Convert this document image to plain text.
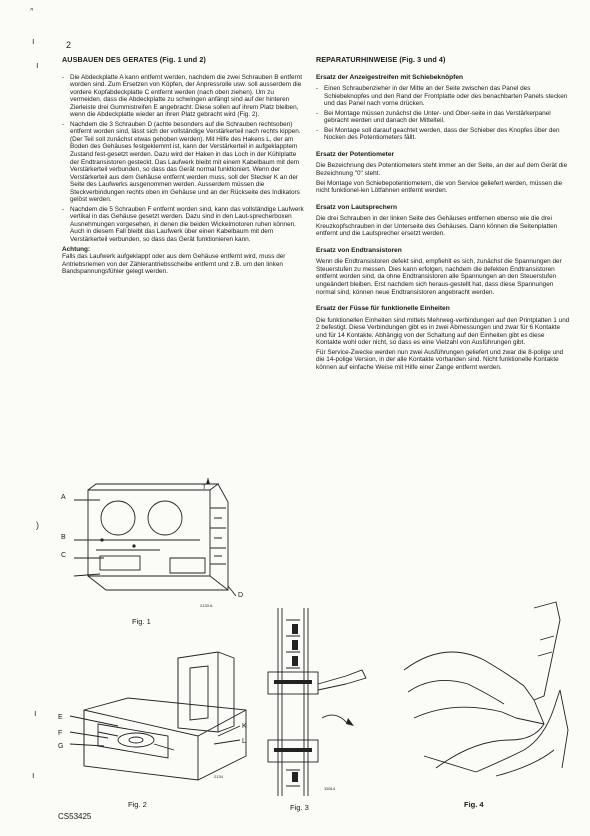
2
AUSBAUEN DES GERATES (Fig. 1 und 2)
- Die Abdeckplatte A kann entfernt werden, nachdem die zwei Schrauben B entfernt worden sind. Zum Ersetzen von Köpfen, der Anpressrolle usw. soll ausserdem die vordere Kopfabdeckplatte C entfernt werden (nach oben ziehen). Um zu vermeiden, dass die Abdeckplatte zu schwingen anfängt sind auf der hinteren Zierleiste drei Gummistreifen E angebracht. Diese sollen auf ihrem Platz bleiben, wenn die Abdeckplatte wieder an ihren Platz gebracht wird (Fig. 2).
- Nachdem die 3 Schrauben D (achte besonders auf die Schrauben rechtsoben) entfernt worden sind, lässt sich der vollständige Verstärkerteil nach rechts kippen. (Der Teil soll zunächst etwas gehoben werden). Mit Hilfe des Hakens L, der am Boden des Gehäuses festgeklemmt ist, kann der Verstärkerteil in aufgeklapptem Zustand fest-gesetzt werden. Dazu wird der Haken in das Loch in der Kühlplatte der Endtransistoren gesteckt. Das Laufwerk bleibt mit einem Kabelbaum mit dem Verstärkerteil verbunden, so dass das Gerät normal funktioniert. Wenn der Verstärkerteil aus dem Gehäuse entfernt werden muss, soll der Stecker K an der Seite des Laufwerks ausgenommen werden. Ausserdem müssen die Steckverbindungen rechts oben im Gehäuse und an der Rückseite des Indikators gelöst werden.
- Nachdem die 5 Schrauben F entfernt worden sind, kann das vollständige Laufwerk vertikal in das Gehäuse gesetzt werden. Dazu sind in den Laut-sprecherboxen Ausnehmungen vorgesehen, in denen die beiden Wickelmotoren ruhen können. Auch in diesem Fall bleibt das Laufwerk über einen Kabelbaum mit dem Verstärkerteil verbunden, so dass das Gerät funktionieren kann.
Achtung:
Falls das Laufwerk aufgeklappt oder aus dem Gehäuse entfernt wird, muss der Antriebsriemen von der Zählerantriebsscheibe entfernt und z.B. um den linken Bandspannungsfühler gelegt werden.
REPARATURHINWEISE (Fig. 3 und 4)
Ersatz der Anzeigestreifen mit Schiebeknöpfen
- Einen Schraubenzieher in der Mitte an der Seite zwischen das Panel des Schiebeknopfes und den Rand der Frontplatte oder des benachbarten Panels stecken und das Panel nach vorne drücken.
- Bei Montage müssen zunächst die Unter- und Ober-seite in das Verstärkerpanel gebracht werden und danach der Mittelteil.
- Bei Montage soll darauf geachtet werden, dass der Schieber des Knopfes über den Nocken des Potentiometers fällt.
Ersatz der Potentiometer
Die Bezeichnung des Potentiometers steht immer an der Seite, an der auf dem Gerät die Bezeichnung "0" steht.
Bei Montage von Schiebepotentiometern, die von Service geliefert werden, müssen die nicht funktionel-len Lötfahnen entfernt werden.
Ersatz von Lautsprechern
Die drei Schrauben in der linken Seite des Gehäuses entfernen ebenso wie die drei Kreuzkopfschrauben in der Unterseite des Gehäuses. Dann können die Seitenplatten entfernt und die Lautsprecher ersetzt werden.
Ersatz von Endtransistoren
Wenn die Endtransistoren defekt sind, empfiehlt es sich, zunächst die Spannungen der Steuerstufen zu messen. Dies kann erfolgen, nachdem die defekten Endtransistoren entfernt worden sind, da ohne Endtransistoren alle Spannungen an den Steuerstufen ungeändert bleiben. Erst nachdem sich heraus-gestellt hat, dass diese Spannungen normal sind, können neue Endtransistoren angebracht werden.
Ersatz der Füsse für funktionelle Einheiten
Die funktionellen Einheiten sind mittels Mehrweg-verbindungen auf den Printplatten 1 und 2 befestigt. Diese Verbindungen gibt es in zwei Abmessungen und zwar für 6 Kontakte und für 14 Kontakte. Abhängig von der Schaltung auf den Einheiten gibt es diese Kontakte wohl oder nicht, so dass es eine Vielzahl von Ausführungen gibt.
Für Service-Zwecke werden nun zwei Ausführungen geliefert und zwar die 8-polige und die 14-polige Version, in der alle Kontakte vorhanden sind. Nicht funktionelle Kontakte können auf einfache Weise mit Hilfe einer Zange entfernt werden.
A
B
C
D
T
2133 A
Fig. 1
E
F
G
K
L
2134
Fig. 2
15514
Fig. 3	Fig. 4
CS53425
ᐢ
ı
ı
)
ı
ı
